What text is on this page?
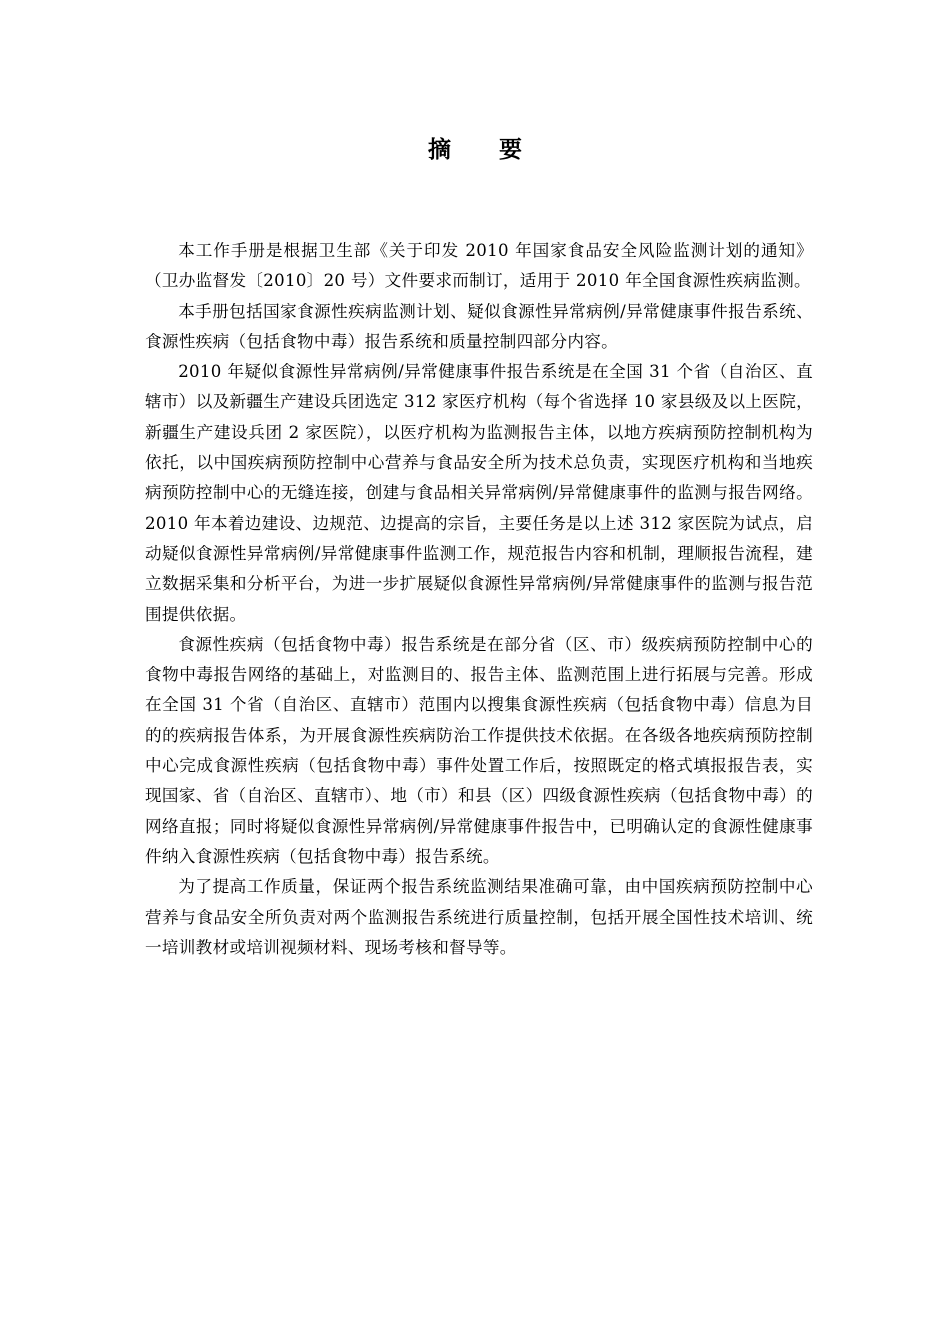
摘 要

本工作手册是根据卫生部《关于印发 2010 年国家食品安全风险监测计划的通知》（卫办监督发〔2010〕20 号）文件要求而制订，适用于 2010 年全国食源性疾病监测。

本手册包括国家食源性疾病监测计划、疑似食源性异常病例/异常健康事件报告系统、食源性疾病（包括食物中毒）报告系统和质量控制四部分内容。

2010 年疑似食源性异常病例/异常健康事件报告系统是在全国 31 个省（自治区、直辖市）以及新疆生产建设兵团选定 312 家医疗机构（每个省选择 10 家县级及以上医院，新疆生产建设兵团 2 家医院），以医疗机构为监测报告主体，以地方疾病预防控制机构为依托，以中国疾病预防控制中心营养与食品安全所为技术总负责，实现医疗机构和当地疾病预防控制中心的无缝连接，创建与食品相关异常病例/异常健康事件的监测与报告网络。2010 年本着边建设、边规范、边提高的宗旨，主要任务是以上述 312 家医院为试点，启动疑似食源性异常病例/异常健康事件监测工作，规范报告内容和机制，理顺报告流程，建立数据采集和分析平台，为进一步扩展疑似食源性异常病例/异常健康事件的监测与报告范围提供依据。

食源性疾病（包括食物中毒）报告系统是在部分省（区、市）级疾病预防控制中心的食物中毒报告网络的基础上，对监测目的、报告主体、监测范围上进行拓展与完善。形成在全国 31 个省（自治区、直辖市）范围内以搜集食源性疾病（包括食物中毒）信息为目的的疾病报告体系，为开展食源性疾病防治工作提供技术依据。在各级各地疾病预防控制中心完成食源性疾病（包括食物中毒）事件处置工作后，按照既定的格式填报报告表，实现国家、省（自治区、直辖市）、地（市）和县（区）四级食源性疾病（包括食物中毒）的网络直报；同时将疑似食源性异常病例/异常健康事件报告中，已明确认定的食源性健康事件纳入食源性疾病（包括食物中毒）报告系统。

为了提高工作质量，保证两个报告系统监测结果准确可靠，由中国疾病预防控制中心营养与食品安全所负责对两个监测报告系统进行质量控制，包括开展全国性技术培训、统一培训教材或培训视频材料、现场考核和督导等。
